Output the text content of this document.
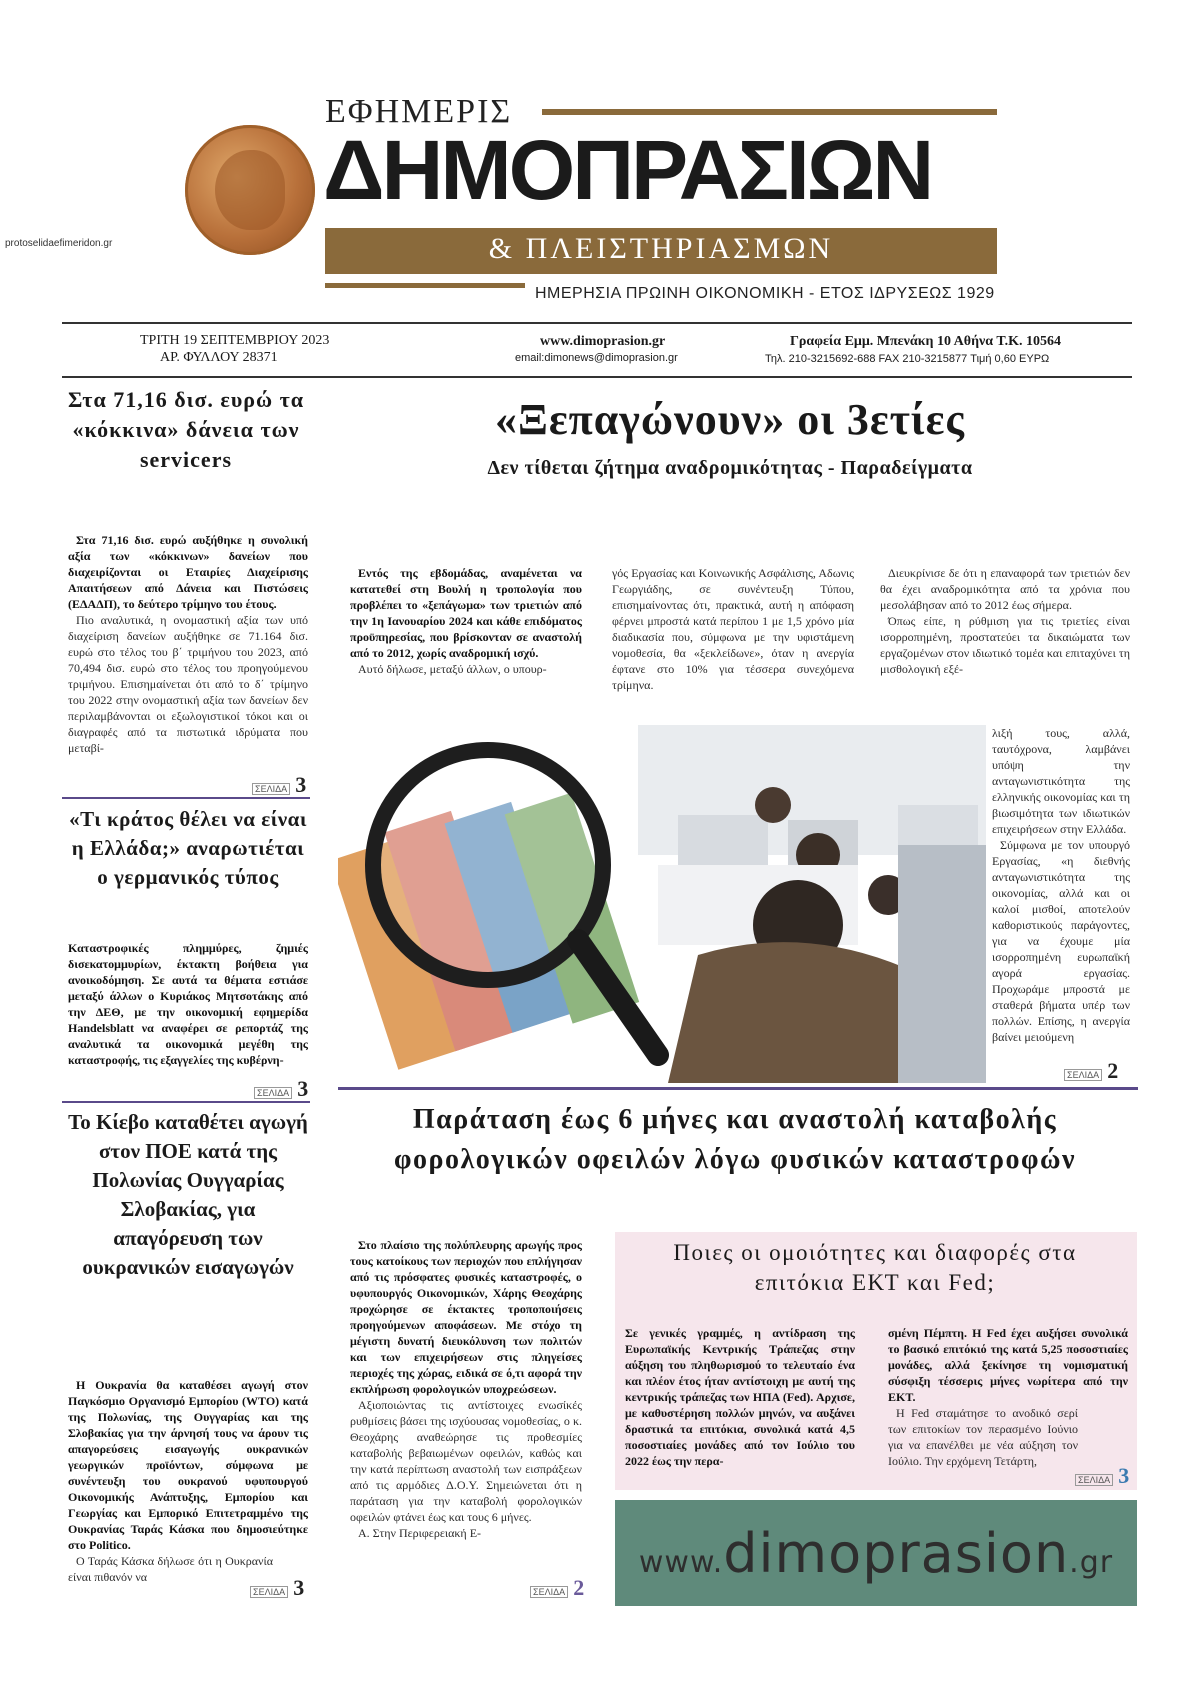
protoselidaefimeridon.gr
ΕΦΗΜΕΡΙΣ
ΔΗΜΟΠΡΑΣΙΩΝ
& ΠΛΕΙΣΤΗΡΙΑΣΜΩΝ
ΗΜΕΡΗΣΙΑ ΠΡΩΙΝΗ ΟΙΚΟΝΟΜΙΚΗ - ΕΤΟΣ ΙΔΡΥΣΕΩΣ 1929
ΤΡΙΤΗ 19 ΣΕΠΤΕΜΒΡΙΟΥ 2023
ΑΡ. ΦΥΛΛΟΥ 28371
www.dimoprasion.gr
email:dimonews@dimoprasion.gr
Γραφεία Εμμ. Μπενάκη 10 Αθήνα Τ.Κ. 10564
Τηλ. 210-3215692-688 FAX 210-3215877 Τιμή 0,60 ΕΥΡΩ
Στα 71,16 δισ. ευρώ τα «κόκκινα» δάνεια των servicers
Στα 71,16 δισ. ευρώ αυξήθηκε η συνολική αξία των «κόκκινων» δανείων που διαχειρίζονται οι Εταιρίες Διαχείρισης Απαιτήσεων από Δάνεια και Πιστώσεις (ΕΔΑΔΠ), το δεύτερο τρίμηνο του έτους.
Πιο αναλυτικά, η ονομαστική αξία των υπό διαχείριση δανείων αυξήθηκε σε 71.164 δισ. ευρώ στο τέλος του β΄ τριμήνου του 2023, από 70,494 δισ. ευρώ στο τέλος του προηγούμενου τριμήνου. Επισημαίνεται ότι από το δ΄ τρίμηνο του 2022 στην ονομαστική αξία των δανείων δεν περιλαμβάνονται οι εξωλογιστικοί τόκοι και οι διαγραφές από τα πιστωτικά ιδρύματα που μεταβί-
ΣΕΛΙΔΑ 3
«Τι κράτος θέλει να είναι η Ελλάδα;» αναρωτιέται ο γερμανικός τύπος
Καταστροφικές πλημμύρες, ζημιές δισεκατομμυρίων, έκτακτη βοήθεια για ανοικοδόμηση. Σε αυτά τα θέματα εστιάσε μεταξύ άλλων ο Κυριάκος Μητσοτάκης από την ΔΕΘ, με την οικονομική εφημερίδα Handelsblatt να αναφέρει σε ρεπορτάζ της αναλυτικά τα οικονομικά μεγέθη της καταστροφής, τις εξαγγελίες της κυβέρνη-
ΣΕΛΙΔΑ 3
Το Κίεβο καταθέτει αγωγή στον ΠΟΕ κατά της Πολωνίας Ουγγαρίας Σλοβακίας, για απαγόρευση των ουκρανικών εισαγωγών
Η Ουκρανία θα καταθέσει αγωγή στον Παγκόσμιο Οργανισμό Εμπορίου (WTO) κατά της Πολωνίας, της Ουγγαρίας και της Σλοβακίας για την άρνησή τους να άρουν τις απαγορεύσεις εισαγωγής ουκρανικών γεωργικών προϊόντων, σύμφωνα με συνέντευξη του ουκρανού υφυπουργού Οικονομικής Ανάπτυξης, Εμπορίου και Γεωργίας και Εμπορικό Επιτετραμμένο της Ουκρανίας Ταράς Κάσκα που δημοσιεύτηκε στο Politico.
Ο Ταράς Κάσκα δήλωσε ότι η Ουκρανία είναι πιθανόν να
ΣΕΛΙΔΑ 3
«Ξεπαγώνουν» οι 3ετίες
Δεν τίθεται ζήτημα αναδρομικότητας - Παραδείγματα
Εντός της εβδομάδας, αναμένεται να κατατεθεί στη Βουλή η τροπολογία που προβλέπει το «ξεπάγωμα» των τριετιών από την 1η Ιανουαρίου 2024 και κάθε επιδόματος προϋπηρεσίας, που βρίσκονταν σε αναστολή από το 2012, χωρίς αναδρομική ισχύ.
Αυτό δήλωσε, μεταξύ άλλων, ο υπουρ-
γός Εργασίας και Κοινωνικής Ασφάλισης, Αδωνις Γεωργιάδης, σε συνέντευξη Τύπου, επισημαίνοντας ότι, πρακτικά, αυτή η απόφαση φέρνει μπροστά κατά περίπου 1 με 1,5 χρόνο μία διαδικασία που, σύμφωνα με την υφιστάμενη νομοθεσία, θα «ξεκλείδωνε», όταν η ανεργία έφτανε στο 10% για τέσσερα συνεχόμενα τρίμηνα.
Διευκρίνισε δε ότι η επαναφορά των τριετιών δεν θα έχει αναδρομικότητα από τα χρόνια που μεσολάβησαν από το 2012 έως σήμερα.
Όπως είπε, η ρύθμιση για τις τριετίες είναι ισορροπημένη, προστατεύει τα δικαιώματα των εργαζομένων στον ιδιωτικό τομέα και επιταχύνει τη μισθολογική εξέ-
λιξή τους, αλλά, ταυτόχρονα, λαμβάνει υπόψη την ανταγωνιστικότητα της ελληνικής οικονομίας και τη βιωσιμότητα των ιδιωτικών επιχειρήσεων στην Ελλάδα.
Σύμφωνα με τον υπουργό Εργασίας, «η διεθνής ανταγωνιστικότητα της οικονομίας, αλλά και οι καλοί μισθοί, αποτελούν καθοριστικούς παράγοντες, για να έχουμε μία ισορροπημένη ευρωπαϊκή αγορά εργασίας. Προχωράμε μπροστά με σταθερά βήματα υπέρ των πολλών. Επίσης, η ανεργία βαίνει μειούμενη
ΣΕΛΙΔΑ 2
Παράταση έως 6 μήνες και αναστολή καταβολής φορολογικών οφειλών λόγω φυσικών καταστροφών
Στο πλαίσιο της πολύπλευρης αρωγής προς τους κατοίκους των περιοχών που επλήγησαν από τις πρόσφατες φυσικές καταστροφές, ο υφυπουργός Οικονομικών, Χάρης Θεοχάρης προχώρησε σε έκτακτες τροποποιήσεις προηγούμενων αποφάσεων. Με στόχο τη μέγιστη δυνατή διευκόλυνση των πολιτών και των επιχειρήσεων στις πληγείσες περιοχές της χώρας, ειδικά σε ό,τι αφορά την εκπλήρωση φορολογικών υποχρεώσεων.
Αξιοποιώντας τις αντίστοιχες ενωσίκές ρυθμίσεις βάσει της ισχύουσας νομοθεσίας, ο κ. Θεοχάρης αναθεώρησε τις προθεσμίες καταβολής βεβαιωμένων οφειλών, καθώς και την κατά περίπτωση αναστολή των εισπράξεων από τις αρμόδιες Δ.Ο.Υ. Σημειώνεται ότι η παράταση για την καταβολή φορολογικών οφειλών φτάνει έως και τους 6 μήνες.
Α. Στην Περιφερειακή Ε-
ΣΕΛΙΔΑ 2
Ποιες οι ομοιότητες και διαφορές στα επιτόκια ΕΚΤ και Fed;
Σε γενικές γραμμές, η αντίδραση της Ευρωπαϊκής Κεντρικής Τράπεζας στην αύξηση του πληθωρισμού το τελευταίο ένα και πλέον έτος ήταν αντίστοιχη με αυτή της κεντρικής τράπεζας των ΗΠΑ (Fed). Αρχισε, με καθυστέρηση πολλών μηνών, να αυξάνει δραστικά τα επιτόκια, συνολικά κατά 4,5 ποσοστιαίες μονάδες από τον Ιούλιο του 2022 έως την περα-
σμένη Πέμπτη. Η Fed έχει αυξήσει συνολικά το βασικό επιτόκιό της κατά 5,25 ποσοστιαίες μονάδες, αλλά ξεκίνησε τη νομισματική σύσφιξη τέσσερις μήνες νωρίτερα από την ΕΚΤ.
Η Fed σταμάτησε το ανοδικό σερί των επιτοκίων τον περασμένο Ιούνιο για να επανέλθει με νέα αύξηση τον Ιούλιο. Την ερχόμενη Τετάρτη,
ΣΕΛΙΔΑ 3
www.dimoprasion.gr
